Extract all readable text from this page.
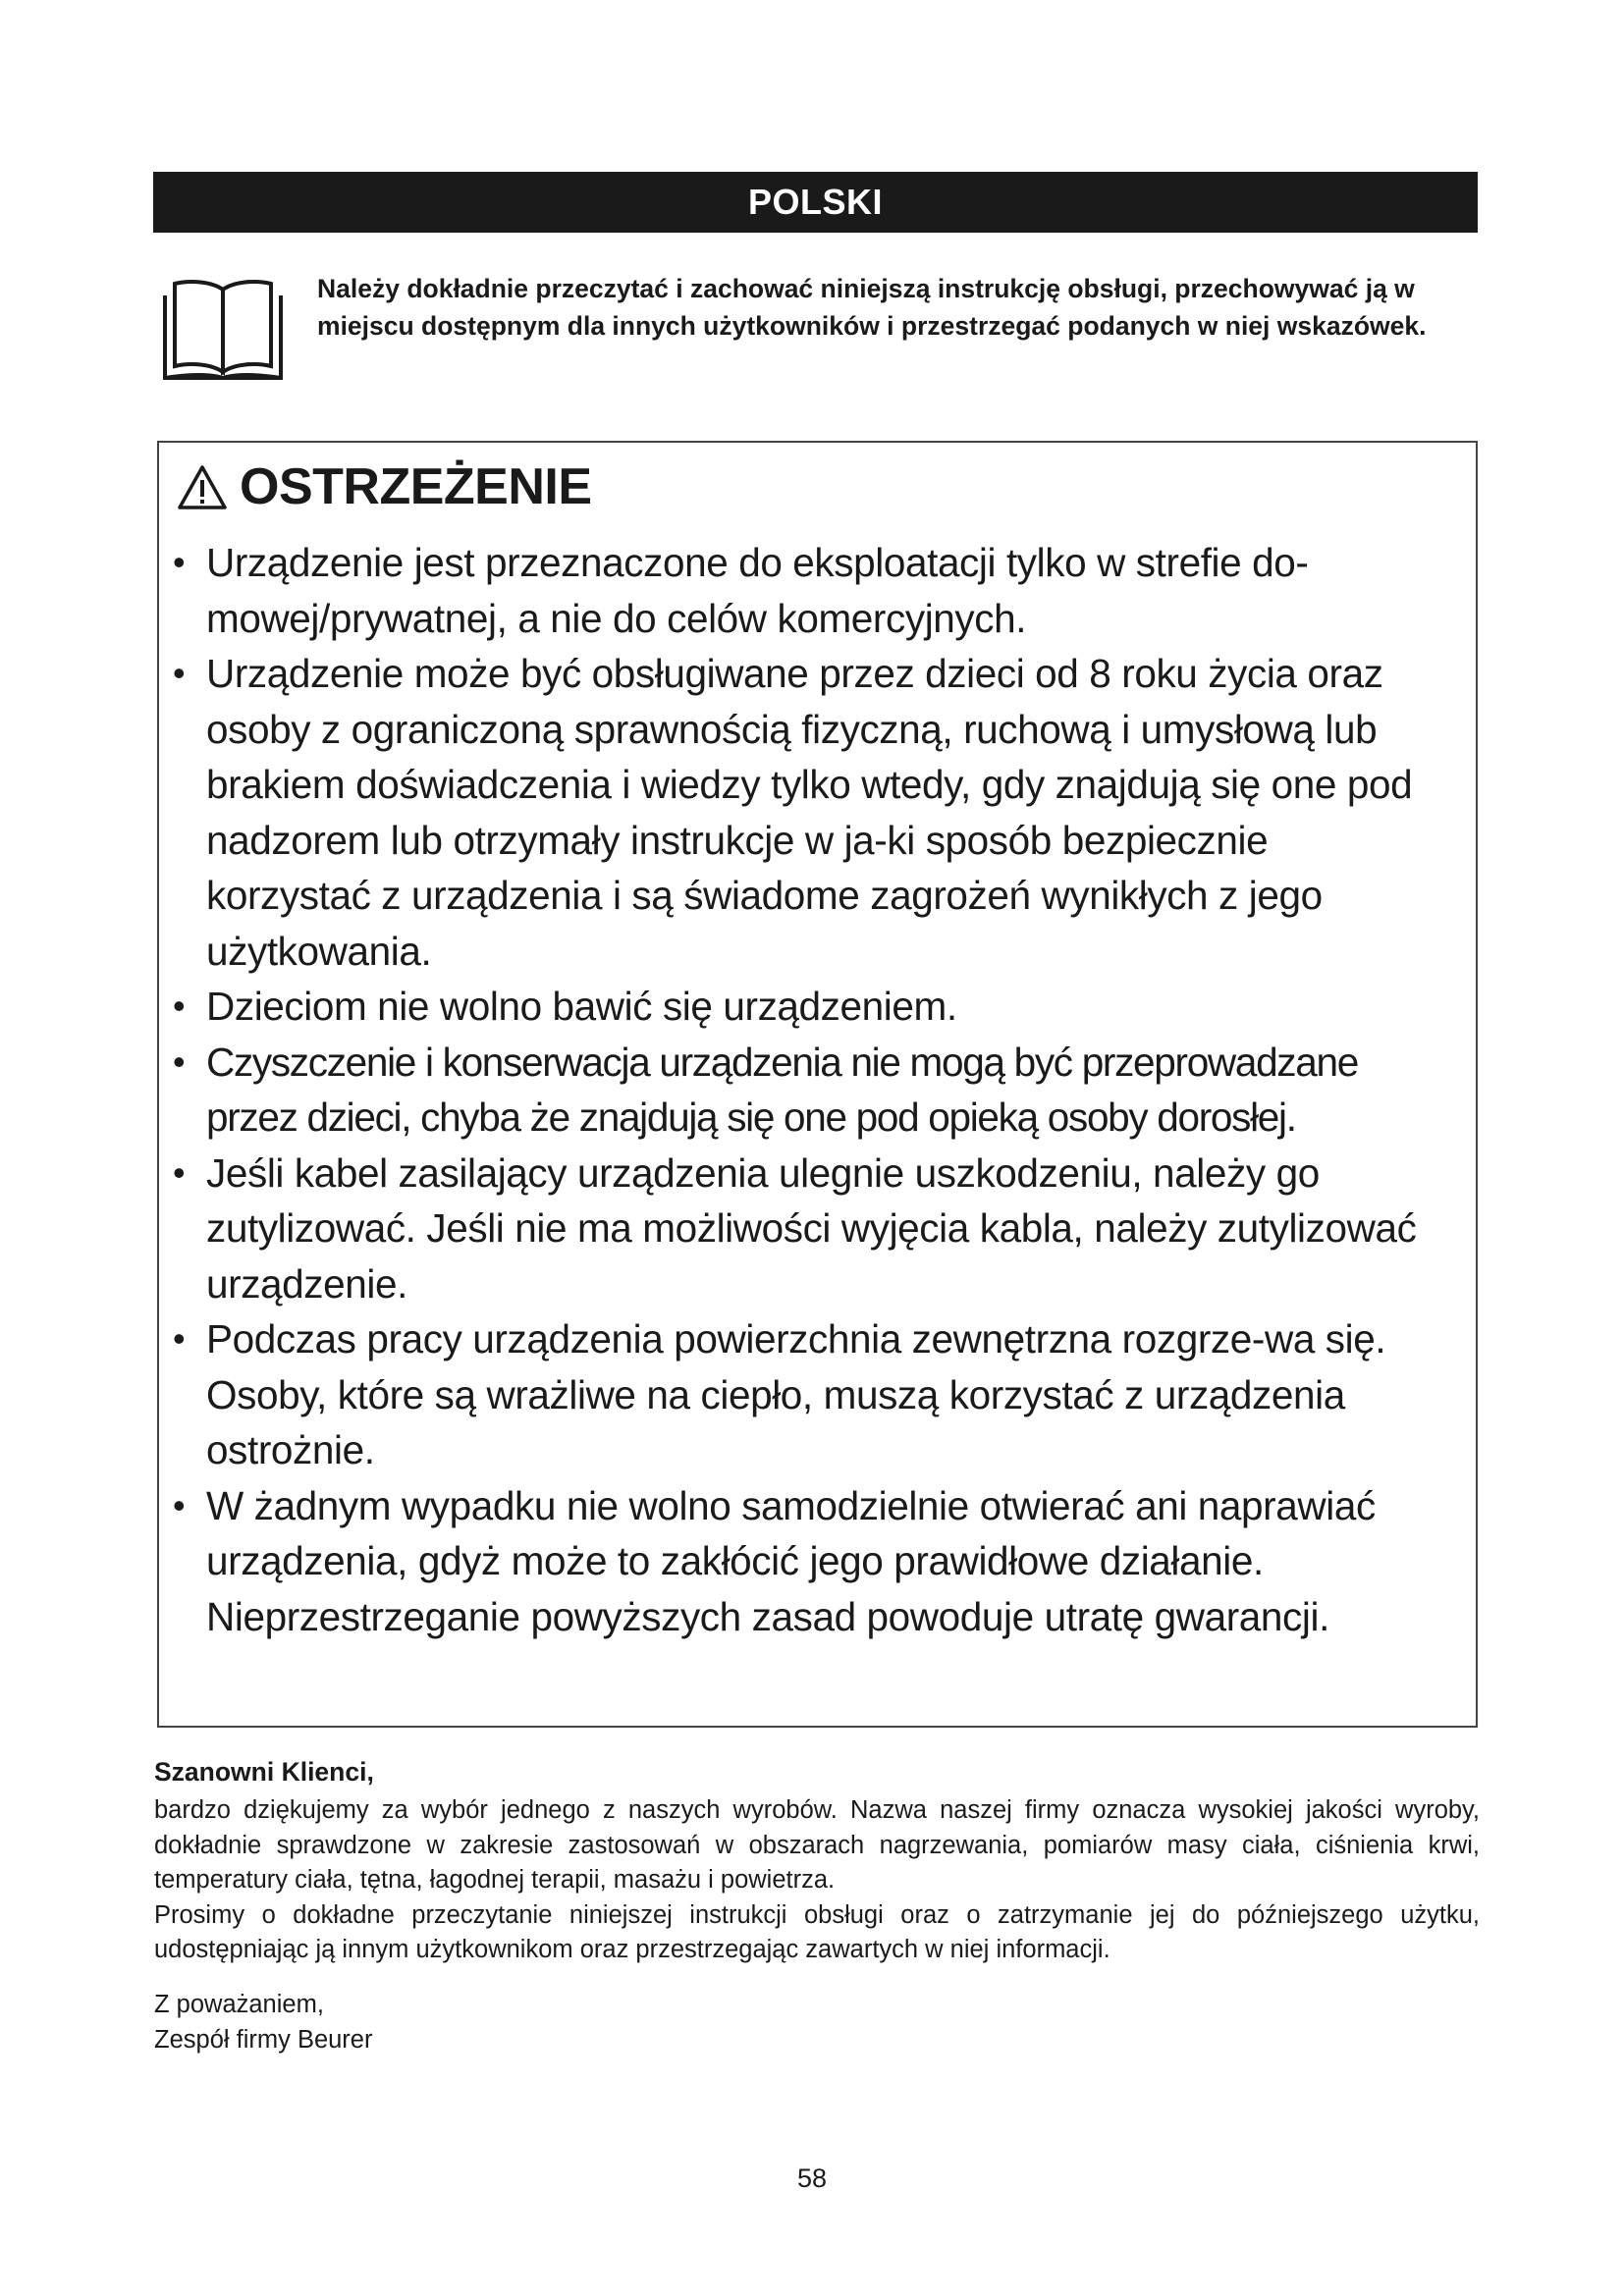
POLSKI
Należy dokładnie przeczytać i zachować niniejszą instrukcję obsługi, przechowywać ją w miejscu dostępnym dla innych użytkowników i przestrzegać podanych w niej wskazówek.
OSTRZEŻENIE
• Urządzenie jest przeznaczone do eksploatacji tylko w strefie do-mowej/prywatnej, a nie do celów komercyjnych.
• Urządzenie może być obsługiwane przez dzieci od 8 roku życia oraz osoby z ograniczoną sprawnością fizyczną, ruchową i umysłową lub brakiem doświadczenia i wiedzy tylko wtedy, gdy znajdują się one pod nadzorem lub otrzymały instrukcje w ja-ki sposób bezpiecznie korzystać z urządzenia i są świadome zagrożeń wynikłych z jego użytkowania.
• Dzieciom nie wolno bawić się urządzeniem.
• Czyszczenie i konserwacja urządzenia nie mogą być przeprowadzane przez dzieci, chyba że znajdują się one pod opieką osoby dorosłej.
• Jeśli kabel zasilający urządzenia ulegnie uszkodzeniu, należy go zutylizować. Jeśli nie ma możliwości wyjęcia kabla, należy zutylizować urządzenie.
• Podczas pracy urządzenia powierzchnia zewnętrzna rozgrze-wa się. Osoby, które są wrażliwe na ciepło, muszą korzystać z urządzenia ostrożnie.
• W żadnym wypadku nie wolno samodzielnie otwierać ani naprawiać urządzenia, gdyż może to zakłócić jego prawidłowe działanie. Nieprzestrzeganie powyższych zasad powoduje utratę gwarancji.
Szanowni Klienci,

bardzo dziękujemy za wybór jednego z naszych wyrobów. Nazwa naszej firmy oznacza wysokiej jakości wyroby, dokładnie sprawdzone w zakresie zastosowań w obszarach nagrzewania, pomiarów masy ciała, ciśnienia krwi, temperatury ciała, tętna, łagodnej terapii, masażu i powietrza.

Prosimy o dokładne przeczytanie niniejszej instrukcji obsługi oraz o zatrzymanie jej do późniejszego użytku, udostępniając ją innym użytkownikom oraz przestrzegając zawartych w niej informacji.

Z poważaniem,
Zespół firmy Beurer
58
